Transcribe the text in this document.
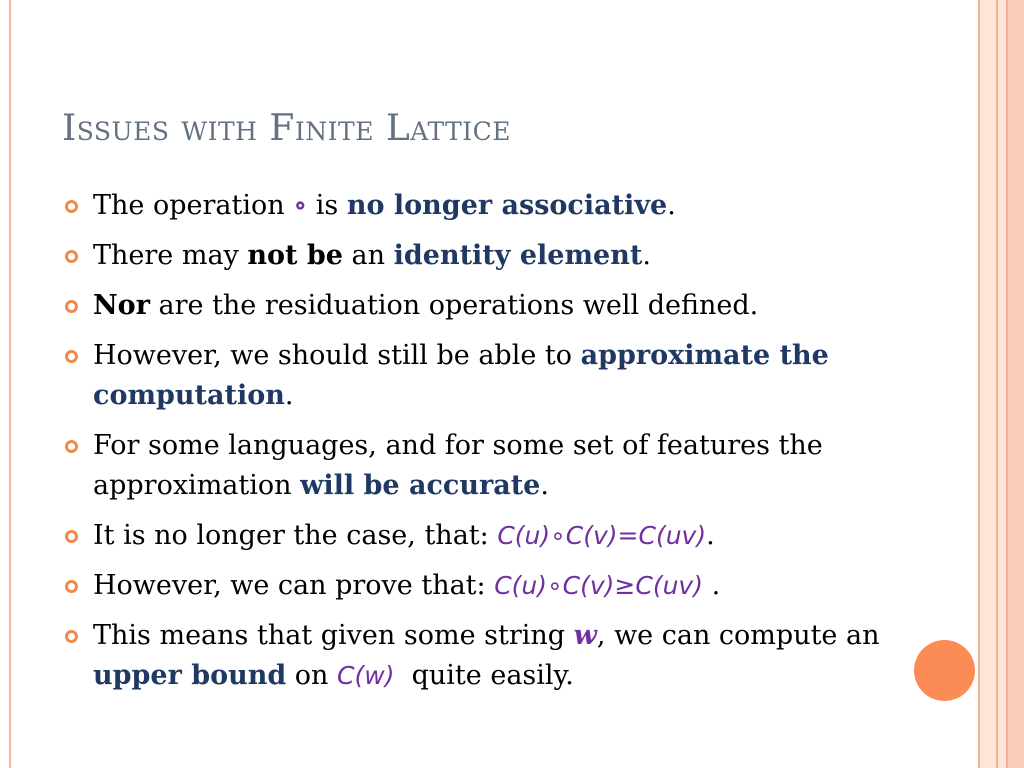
Issues with Finite Lattice
The operation ∘ is no longer associative.
There may not be an identity element.
Nor are the residuation operations well defined.
However, we should still be able to approximate the computation.
For some languages, and for some set of features the approximation will be accurate.
It is no longer the case, that: C(u)∘C(v)=C(uv).
However, we can prove that: C(u)∘C(v)≥C(uv) .
This means that given some string w, we can compute an upper bound on C(w)  quite easily.
